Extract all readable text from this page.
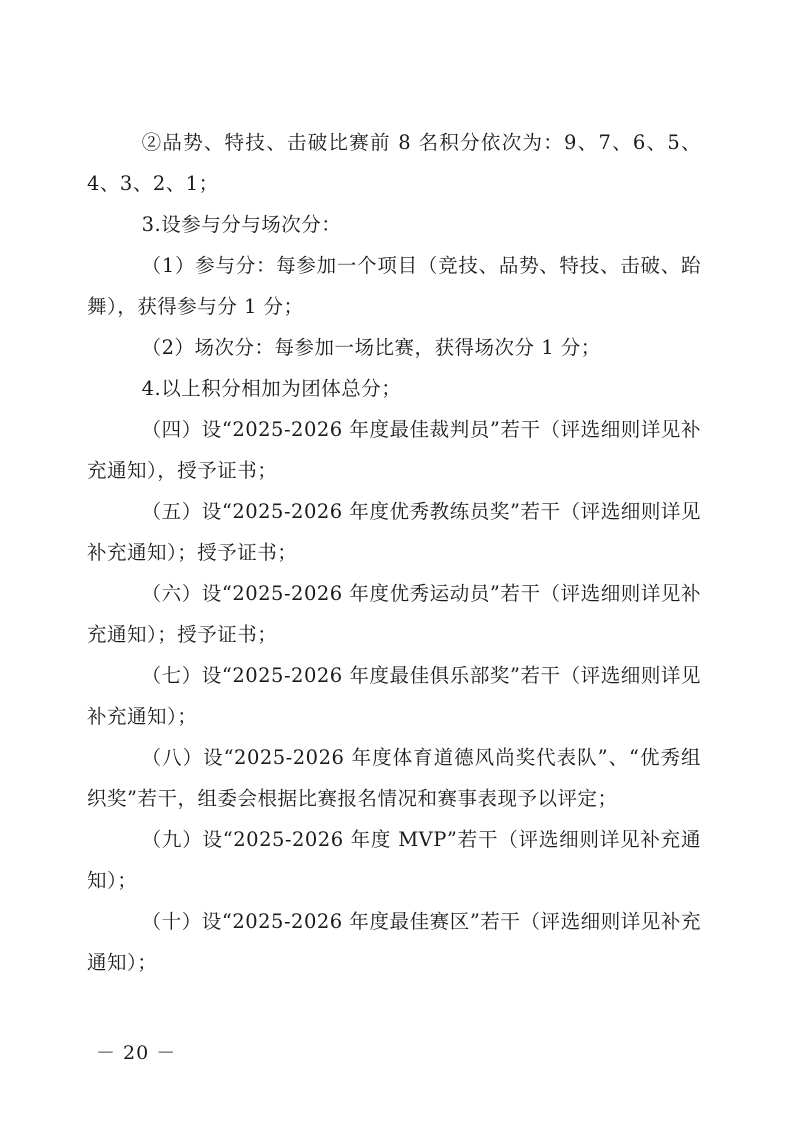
②品势、特技、击破比赛前 8 名积分依次为：9、7、6、5、4、3、2、1；

3.设参与分与场次分：

（1）参与分：每参加一个项目（竞技、品势、特技、击破、跆舞），获得参与分 1 分；

（2）场次分：每参加一场比赛，获得场次分 1 分；

4.以上积分相加为团体总分；

（四）设“2025-2026 年度最佳裁判员”若干（评选细则详见补充通知），授予证书；

（五）设“2025-2026 年度优秀教练员奖”若干（评选细则详见补充通知）；授予证书；

（六）设“2025-2026 年度优秀运动员”若干（评选细则详见补充通知）；授予证书；

（七）设“2025-2026 年度最佳俱乐部奖”若干（评选细则详见补充通知）；

（八）设“2025-2026 年度体育道德风尚奖代表队”、“优秀组织奖”若干，组委会根据比赛报名情况和赛事表现予以评定；

（九）设“2025-2026 年度 MVP”若干（评选细则详见补充通知）；

（十）设“2025-2026 年度最佳赛区”若干（评选细则详见补充通知）；

－ 20 －
